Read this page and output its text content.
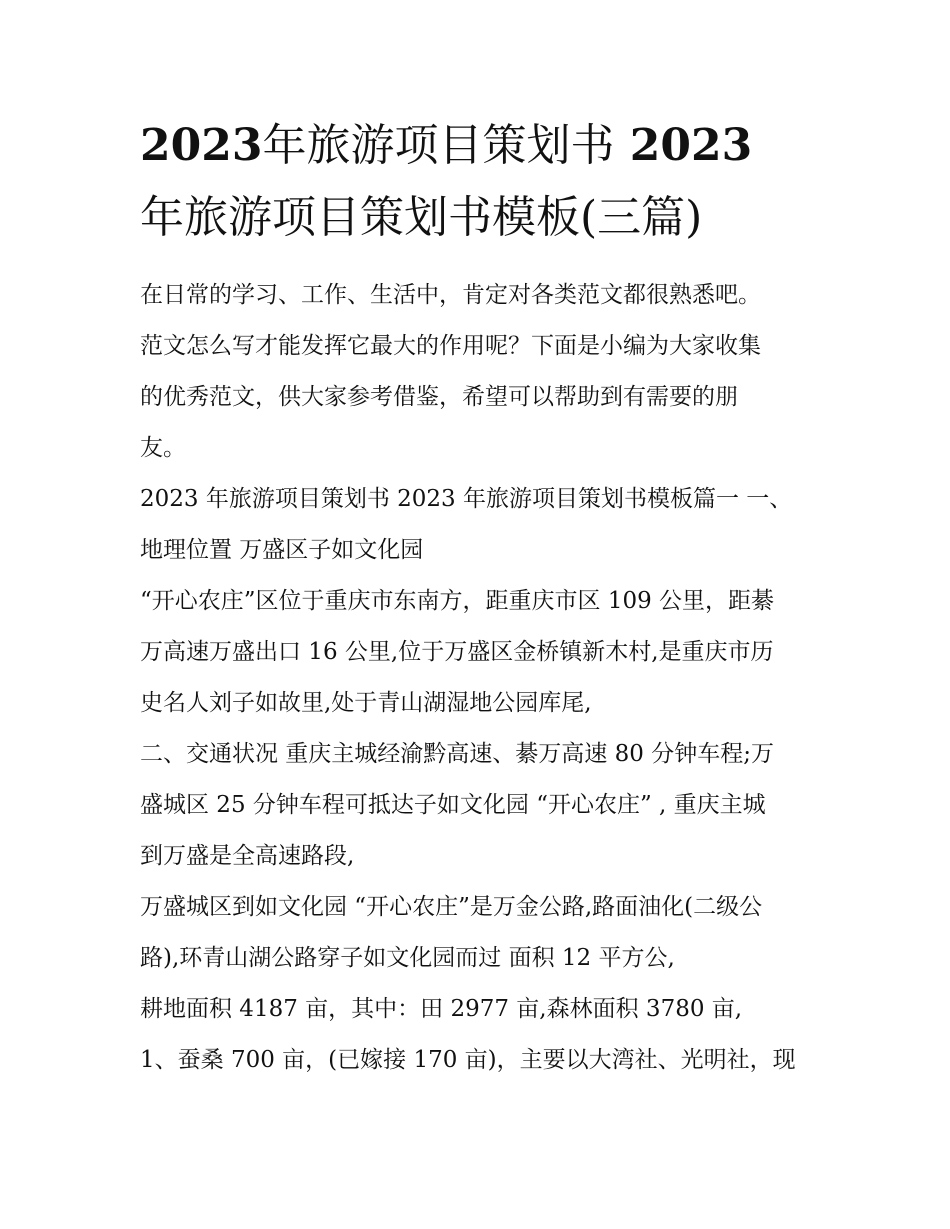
2023年旅游项目策划书 2023
年旅游项目策划书模板(三篇)
在日常的学习、工作、生活中，肯定对各类范文都很熟悉吧。
范文怎么写才能发挥它最大的作用呢？下面是小编为大家收集
的优秀范文，供大家参考借鉴，希望可以帮助到有需要的朋
友。
2023 年旅游项目策划书 2023 年旅游项目策划书模板篇一 一、
地理位置 万盛区子如文化园
“开心农庄”区位于重庆市东南方，距重庆市区 109 公里，距綦
万高速万盛出口 16 公里,位于万盛区金桥镇新木村,是重庆市历
史名人刘子如故里,处于青山湖湿地公园库尾,
二、交通状况 重庆主城经渝黔高速、綦万高速 80 分钟车程;万
盛城区 25 分钟车程可抵达子如文化园 “开心农庄” , 重庆主城
到万盛是全高速路段,
万盛城区到如文化园 “开心农庄”是万金公路,路面油化(二级公
路),环青山湖公路穿子如文化园而过 面积 12 平方公,
耕地面积 4187 亩，其中：田 2977 亩,森林面积 3780 亩,
1、蚕桑 700 亩，(已嫁接 170 亩)，主要以大湾社、光明社，现
